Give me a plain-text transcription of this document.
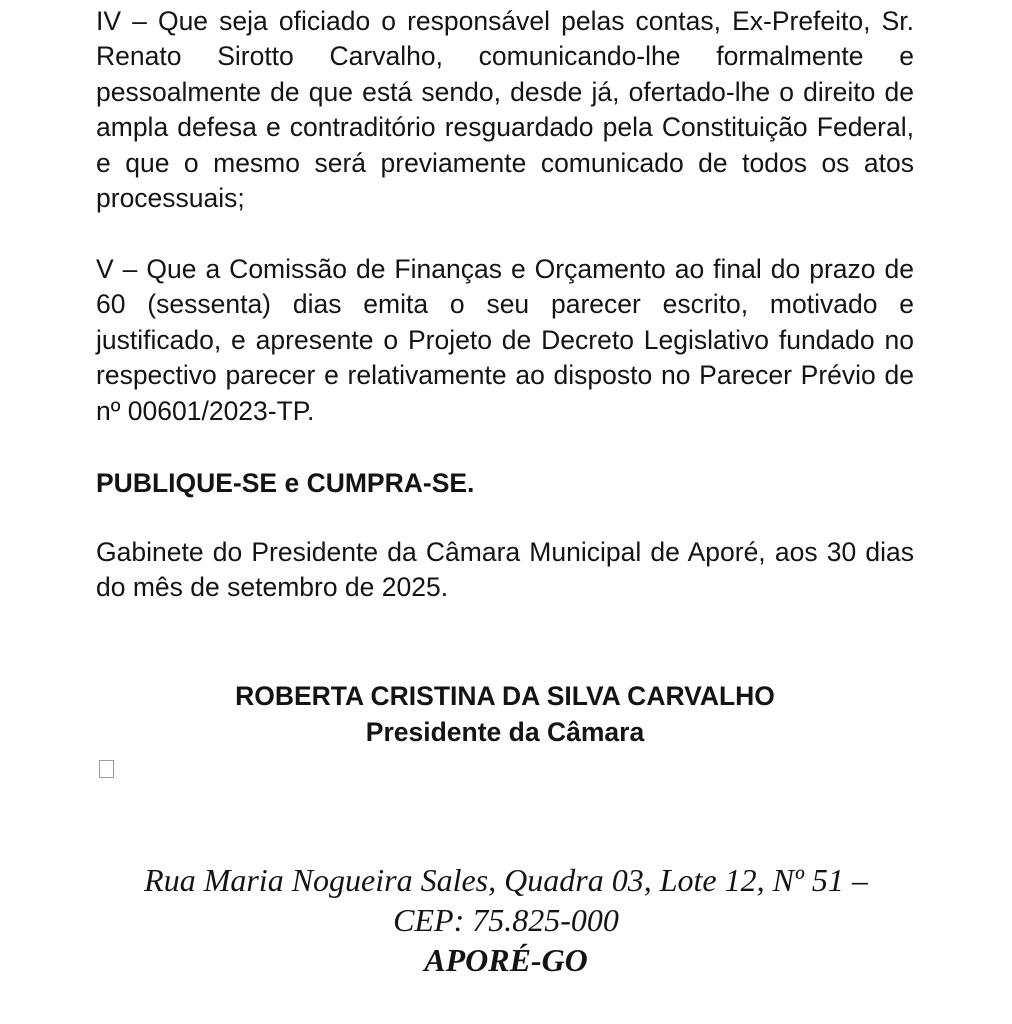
IV – Que seja oficiado o responsável pelas contas, Ex-Prefeito, Sr. Renato Sirotto Carvalho, comunicando-lhe formalmente e pessoalmente de que está sendo, desde já, ofertado-lhe o direito de ampla defesa e contraditório resguardado pela Constituição Federal, e que o mesmo será previamente comunicado de todos os atos processuais;

V – Que a Comissão de Finanças e Orçamento ao final do prazo de 60 (sessenta) dias emita o seu parecer escrito, motivado e justificado, e apresente o Projeto de Decreto Legislativo fundado no respectivo parecer e relativamente ao disposto no Parecer Prévio de nº 00601/2023-TP.

PUBLIQUE-SE e CUMPRA-SE.

Gabinete do Presidente da Câmara Municipal de Aporé, aos 30 dias do mês de setembro de 2025.

ROBERTA CRISTINA DA SILVA CARVALHO
Presidente da Câmara
Rua Maria Nogueira Sales, Quadra 03, Lote 12, Nº 51 –
CEP: 75.825-000
APORÉ-GO
